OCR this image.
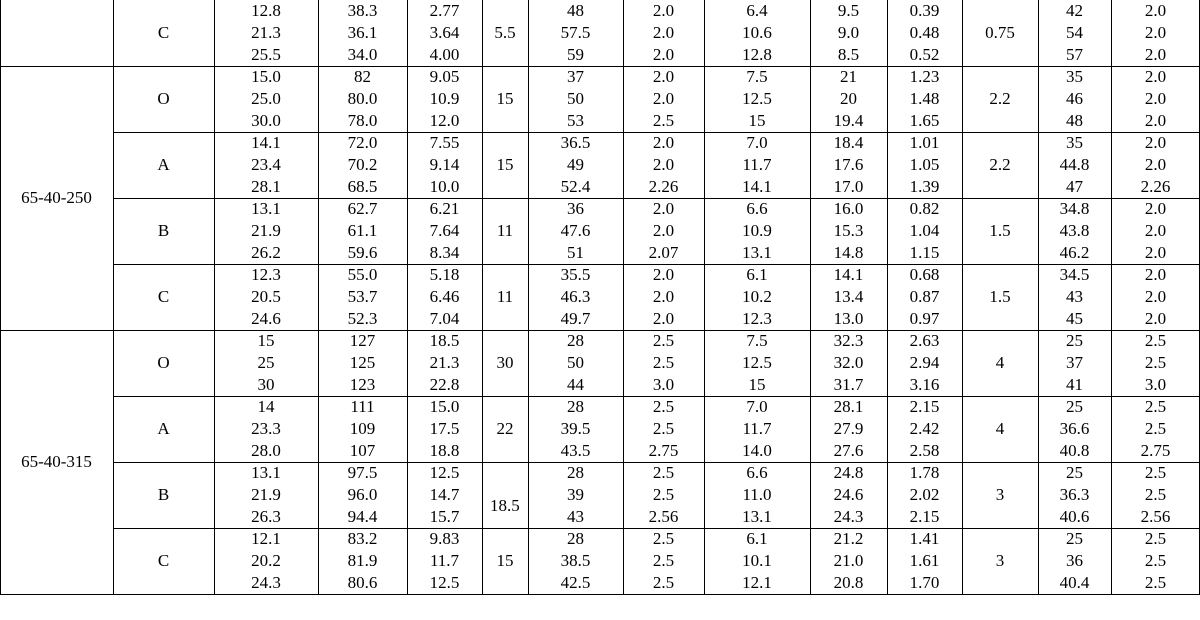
C
12.8
21.3
25.5
38.3
36.1
34.0
2.77
3.64
4.00
5.5
48
57.5
59
2.0
2.0
2.0
6.4
10.6
12.8
9.5
9.0
8.5
0.39
0.48
0.52
0.75
42
54
57
2.0
2.0
2.0
O
15.0
25.0
30.0
82
80.0
78.0
9.05
10.9
12.0
15
37
50
53
2.0
2.0
2.5
7.5
12.5
15
21
20
19.4
1.23
1.48
1.65
2.2
35
46
48
2.0
2.0
2.0
A
14.1
23.4
28.1
72.0
70.2
68.5
7.55
9.14
10.0
15
36.5
49
52.4
2.0
2.0
2.26
7.0
11.7
14.1
18.4
17.6
17.0
1.01
1.05
1.39
2.2
35
44.8
47
2.0
2.0
2.26
B
13.1
21.9
26.2
62.7
61.1
59.6
6.21
7.64
8.34
11
36
47.6
51
2.0
2.0
2.07
6.6
10.9
13.1
16.0
15.3
14.8
0.82
1.04
1.15
1.5
34.8
43.8
46.2
2.0
2.0
2.0
C
12.3
20.5
24.6
55.0
53.7
52.3
5.18
6.46
7.04
11
35.5
46.3
49.7
2.0
2.0
2.0
6.1
10.2
12.3
14.1
13.4
13.0
0.68
0.87
0.97
1.5
34.5
43
45
2.0
2.0
2.0
65-40-250
O
15
25
30
127
125
123
18.5
21.3
22.8
30
28
50
44
2.5
2.5
3.0
7.5
12.5
15
32.3
32.0
31.7
2.63
2.94
3.16
4
25
37
41
2.5
2.5
3.0
A
14
23.3
28.0
111
109
107
15.0
17.5
18.8
22
28
39.5
43.5
2.5
2.5
2.75
7.0
11.7
14.0
28.1
27.9
27.6
2.15
2.42
2.58
4
25
36.6
40.8
2.5
2.5
2.75
B
13.1
21.9
26.3
97.5
96.0
94.4
12.5
14.7
15.7
18.5
28
39
43
2.5
2.5
2.56
6.6
11.0
13.1
24.8
24.6
24.3
1.78
2.02
2.15
3
25
36.3
40.6
2.5
2.5
2.56
C
12.1
20.2
24.3
83.2
81.9
80.6
9.83
11.7
12.5
15
28
38.5
42.5
2.5
2.5
2.5
6.1
10.1
12.1
21.2
21.0
20.8
1.41
1.61
1.70
3
25
36
40.4
2.5
2.5
2.5
65-40-315
